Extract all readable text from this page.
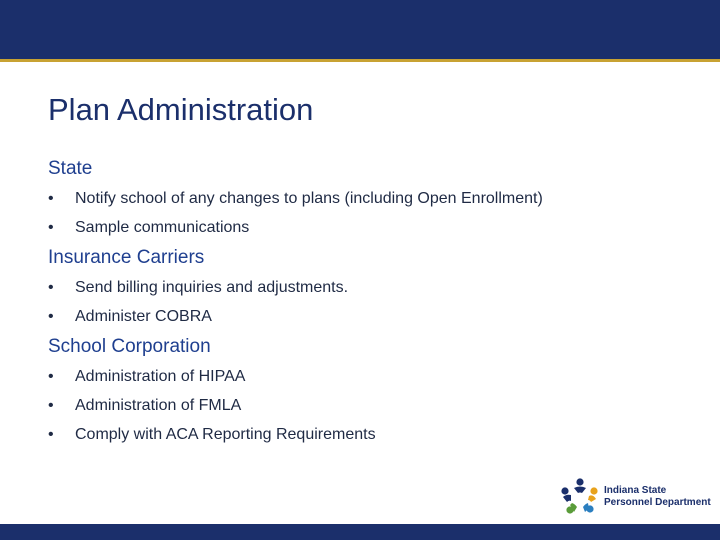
Plan Administration
State
• Notify school of any changes to plans (including Open Enrollment)
• Sample communications
Insurance Carriers
• Send billing inquiries and adjustments.
• Administer COBRA
School Corporation
• Administration of HIPAA
• Administration of FMLA
• Comply with ACA Reporting Requirements
Indiana State
Personnel Department
